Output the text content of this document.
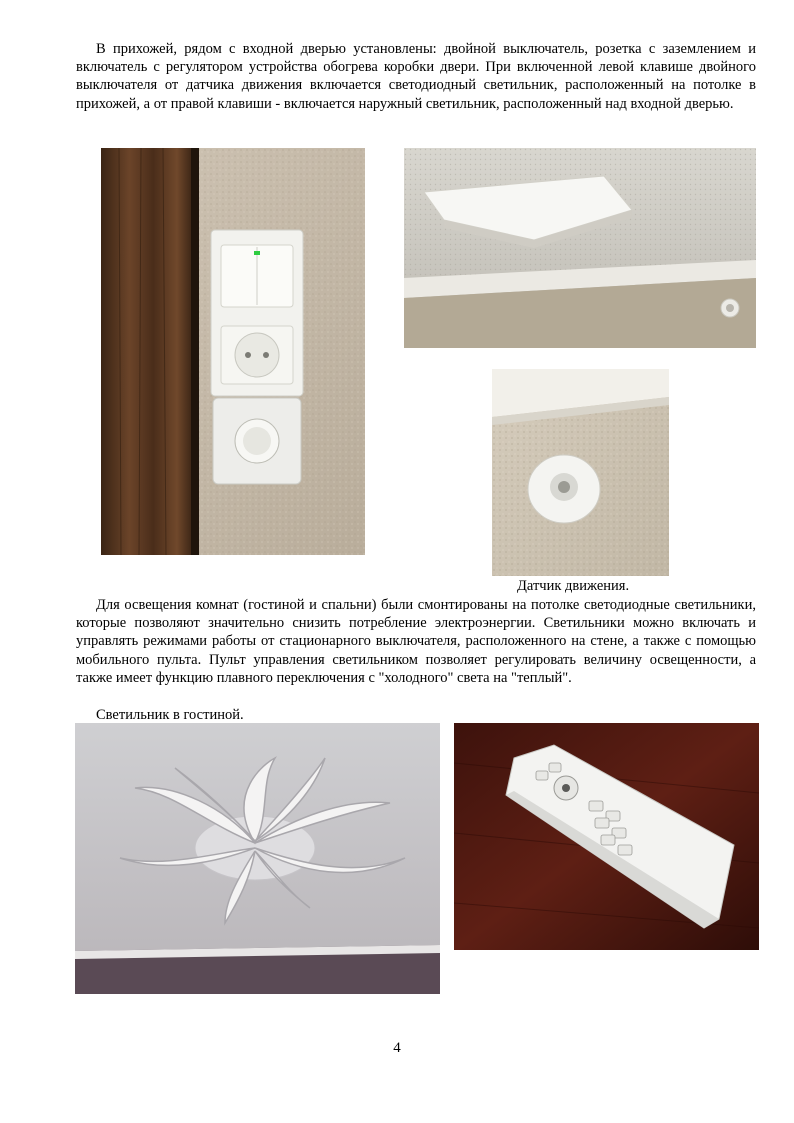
В прихожей, рядом с входной дверью установлены: двойной выключатель, розетка с заземлением и включатель с регулятором устройства обогрева коробки двери. При включенной левой клавише двойного выключателя от датчика движения включается светодиодный светильник, расположенный на потолке в прихожей, а от правой клавиши - включается наружный светильник, расположенный над входной дверью.

Датчик движения.

Для освещения комнат (гостиной и спальни) были смонтированы на потолке светодиодные светильники, которые позволяют значительно снизить потребление электроэнергии. Светильники можно включать и управлять режимами работы от стационарного выключателя, расположенного на стене, а также с помощью мобильного пульта. Пульт управления светильником позволяет регулировать величину освещенности, а также имеет функцию плавного переключения с "холодного" света на "теплый".

Светильник в гостиной.

4
